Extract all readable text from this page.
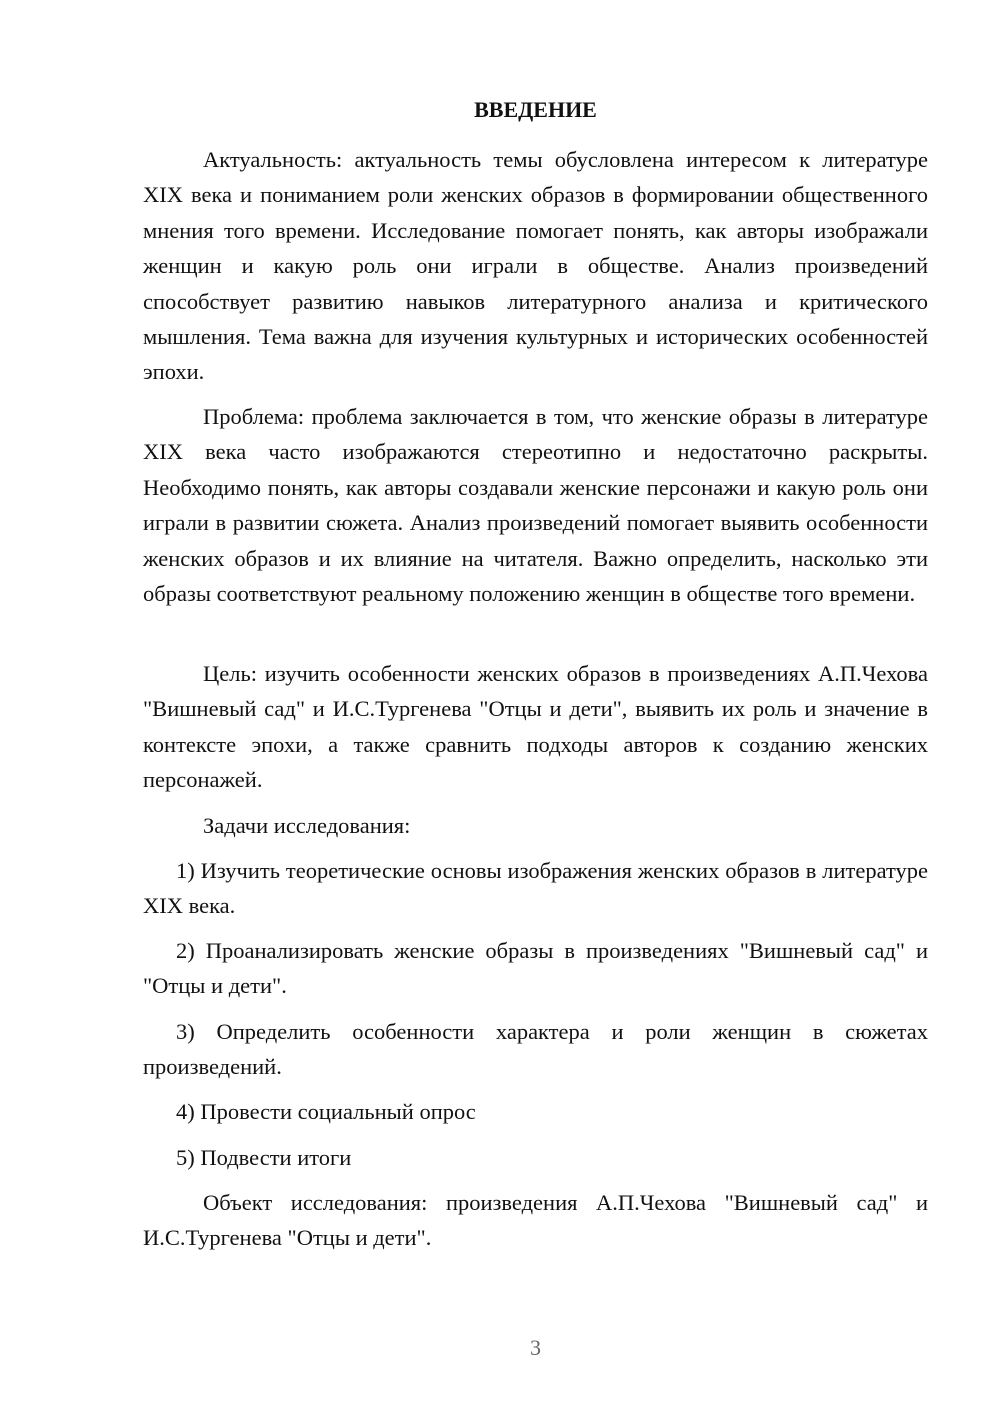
ВВЕДЕНИЕ

Актуальность: актуальность темы обусловлена интересом к литературе XIX века и пониманием роли женских образов в формировании общественного мнения того времени. Исследование помогает понять, как авторы изображали женщин и какую роль они играли в обществе. Анализ произведений способствует развитию навыков литературного анализа и критического мышления. Тема важна для изучения культурных и исторических особенностей эпохи.

Проблема: проблема заключается в том, что женские образы в литературе XIX века часто изображаются стереотипно и недостаточно раскрыты. Необходимо понять, как авторы создавали женские персонажи и какую роль они играли в развитии сюжета. Анализ произведений помогает выявить особенности женских образов и их влияние на читателя. Важно определить, насколько эти образы соответствуют реальному положению женщин в обществе того времени.

Цель: изучить особенности женских образов в произведениях А.П.Чехова "Вишневый сад" и И.С.Тургенева "Отцы и дети", выявить их роль и значение в контексте эпохи, а также сравнить подходы авторов к созданию женских персонажей.

Задачи исследования:

1) Изучить теоретические основы изображения женских образов в литературе XIX века.

2) Проанализировать женские образы в произведениях "Вишневый сад" и "Отцы и дети".

3) Определить особенности характера и роли женщин в сюжетах произведений.

4) Провести социальный опрос

5) Подвести итоги

Объект исследования: произведения А.П.Чехова "Вишневый сад" и И.С.Тургенева "Отцы и дети".

3
